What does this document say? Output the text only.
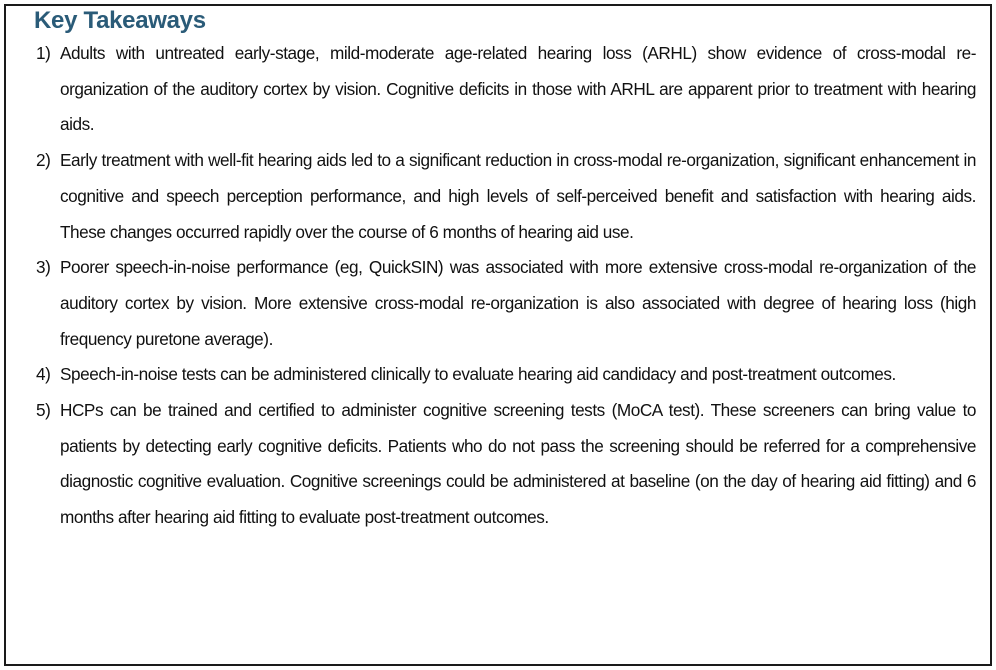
Key Takeaways
1) Adults with untreated early-stage, mild-moderate age-related hearing loss (ARHL) show evidence of cross-modal re-organization of the auditory cortex by vision. Cognitive deficits in those with ARHL are apparent prior to treatment with hearing aids.
2) Early treatment with well-fit hearing aids led to a significant reduction in cross-modal re-organization, significant enhancement in cognitive and speech perception performance, and high levels of self-perceived benefit and satisfaction with hearing aids. These changes occurred rapidly over the course of 6 months of hearing aid use.
3) Poorer speech-in-noise performance (eg, QuickSIN) was associated with more extensive cross-modal re-organization of the auditory cortex by vision. More extensive cross-modal re-organization is also associated with degree of hearing loss (high frequency puretone average).
4) Speech-in-noise tests can be administered clinically to evaluate hearing aid candidacy and post-treatment outcomes.
5) HCPs can be trained and certified to administer cognitive screening tests (MoCA test). These screeners can bring value to patients by detecting early cognitive deficits. Patients who do not pass the screening should be referred for a comprehensive diagnostic cognitive evaluation. Cognitive screenings could be administered at baseline (on the day of hearing aid fitting) and 6 months after hearing aid fitting to evaluate post-treatment outcomes.
